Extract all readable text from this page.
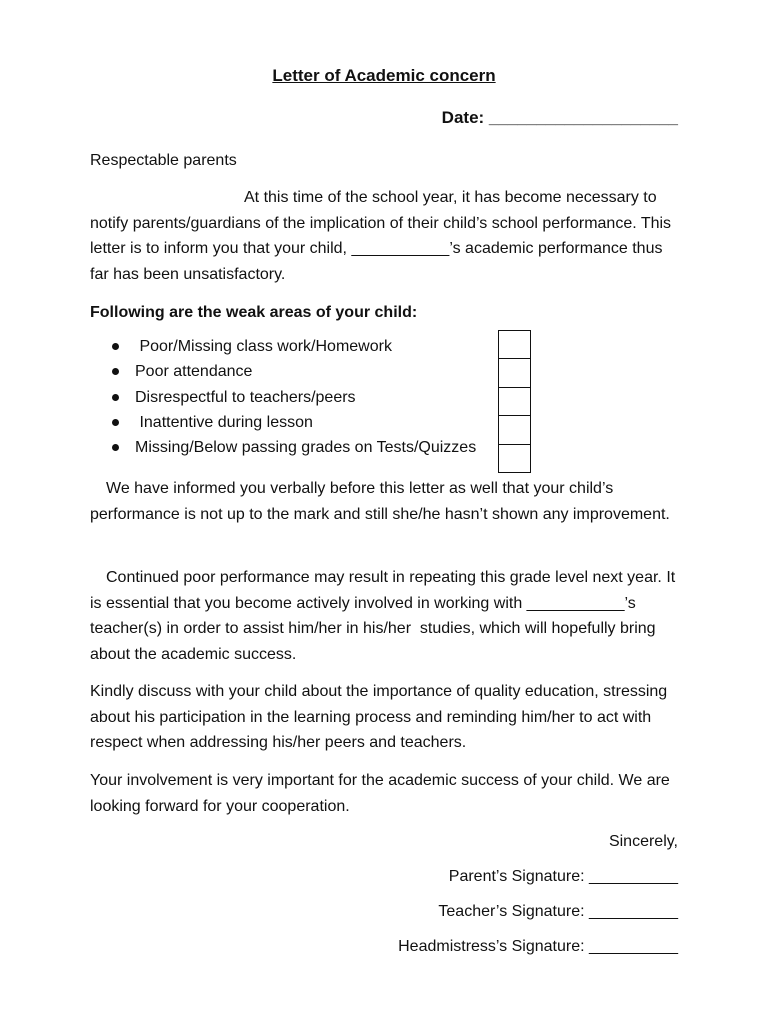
Letter of Academic concern
Date: ____________________
Respectable parents
At this time of the school year, it has become necessary to notify parents/guardians of the implication of their child’s school performance. This letter is to inform you that your child, ___________’s academic performance thus far has been unsatisfactory.
Following are the weak areas of your child:
Poor/Missing class work/Homework
Poor attendance
Disrespectful to teachers/peers
Inattentive during lesson
Missing/Below passing grades on Tests/Quizzes
We have informed you verbally before this letter as well that your child’s performance is not up to the mark and still she/he hasn’t shown any improvement.
Continued poor performance may result in repeating this grade level next year. It is essential that you become actively involved in working with ___________’s teacher(s) in order to assist him/her in his/her  studies, which will hopefully bring about the academic success.
Kindly discuss with your child about the importance of quality education, stressing about his participation in the learning process and reminding him/her to act with respect when addressing his/her peers and teachers.
Your involvement is very important for the academic success of your child. We are looking forward for your cooperation.
Sincerely,
Parent’s Signature: __________
Teacher’s Signature: __________
Headmistress’s Signature: __________
